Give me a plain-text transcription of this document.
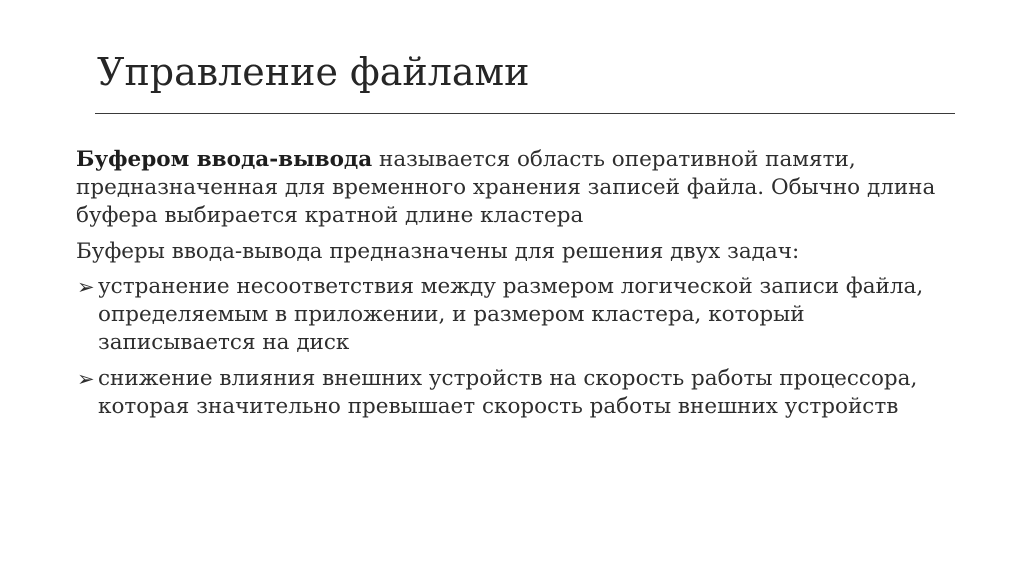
Управление файлами

Буфером ввода-вывода называется область оперативной памяти, предназначенная для временного хранения записей файла. Обычно длина буфера выбирается кратной длине кластера

Буферы ввода-вывода предназначены для решения двух задач:

➢ устранение несоответствия между размером логической записи файла, определяемым в приложении, и размером кластера, который записывается на диск
➢ снижение влияния внешних устройств на скорость работы процессора, которая значительно превышает скорость работы внешних устройств
